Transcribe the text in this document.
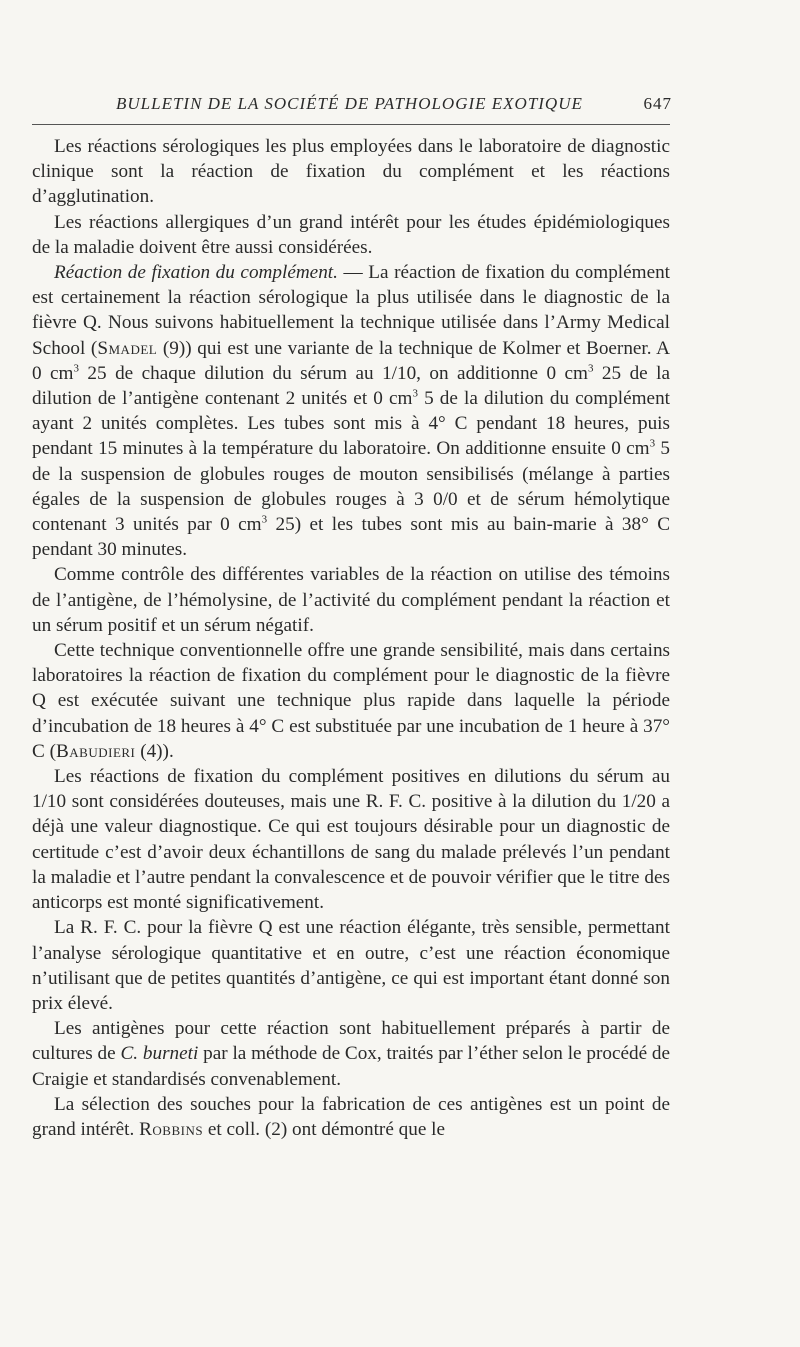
BULLETIN DE LA SOCIÉTÉ DE PATHOLOGIE EXOTIQUE	647

Les réactions sérologiques les plus employées dans le laboratoire de diagnostic clinique sont la réaction de fixation du complément et les réactions d’agglutination.

Les réactions allergiques d’un grand intérêt pour les études épidémiologiques de la maladie doivent être aussi considérées.

Réaction de fixation du complément. — La réaction de fixation du complément est certainement la réaction sérologique la plus utilisée dans le diagnostic de la fièvre Q. Nous suivons habituellement la technique utilisée dans l’Army Medical School (Smadel (9)) qui est une variante de la technique de Kolmer et Boerner. A 0 $cm^3$ 25 de chaque dilution du sérum au 1/10, on additionne 0 $cm^3$ 25 de la dilution de l’antigène contenant 2 unités et 0 $cm^3$ 5 de la dilution du complément ayant 2 unités complètes. Les tubes sont mis à 4° C pendant 18 heures, puis pendant 15 minutes à la température du laboratoire. On additionne ensuite 0 $cm^3$ 5 de la suspension de globules rouges de mouton sensibilisés (mélange à parties égales de la suspension de globules rouges à 3 0/0 et de sérum hémolytique contenant 3 unités par 0 $cm^3$ 25) et les tubes sont mis au bain-marie à 38° C pendant 30 minutes.

Comme contrôle des différentes variables de la réaction on utilise des témoins de l’antigène, de l’hémolysine, de l’activité du complément pendant la réaction et un sérum positif et un sérum négatif.

Cette technique conventionnelle offre une grande sensibilité, mais dans certains laboratoires la réaction de fixation du complément pour le diagnostic de la fièvre Q est exécutée suivant une technique plus rapide dans laquelle la période d’incubation de 18 heures à 4° C est substituée par une incubation de 1 heure à 37° C (Babudieri (4)).

Les réactions de fixation du complément positives en dilutions du sérum au 1/10 sont considérées douteuses, mais une R. F. C. positive à la dilution du 1/20 a déjà une valeur diagnostique. Ce qui est toujours désirable pour un diagnostic de certitude c’est d’avoir deux échantillons de sang du malade prélevés l’un pendant la maladie et l’autre pendant la convalescence et de pouvoir vérifier que le titre des anticorps est monté significativement.

La R. F. C. pour la fièvre Q est une réaction élégante, très sensible, permettant l’analyse sérologique quantitative et en outre, c’est une réaction économique n’utilisant que de petites quantités d’antigène, ce qui est important étant donné son prix élevé.

Les antigènes pour cette réaction sont habituellement préparés à partir de cultures de C. burneti par la méthode de Cox, traités par l’éther selon le procédé de Craigie et standardisés convenablement.

La sélection des souches pour la fabrication de ces antigènes est un point de grand intérêt. Robbins et coll. (2) ont démontré que le
